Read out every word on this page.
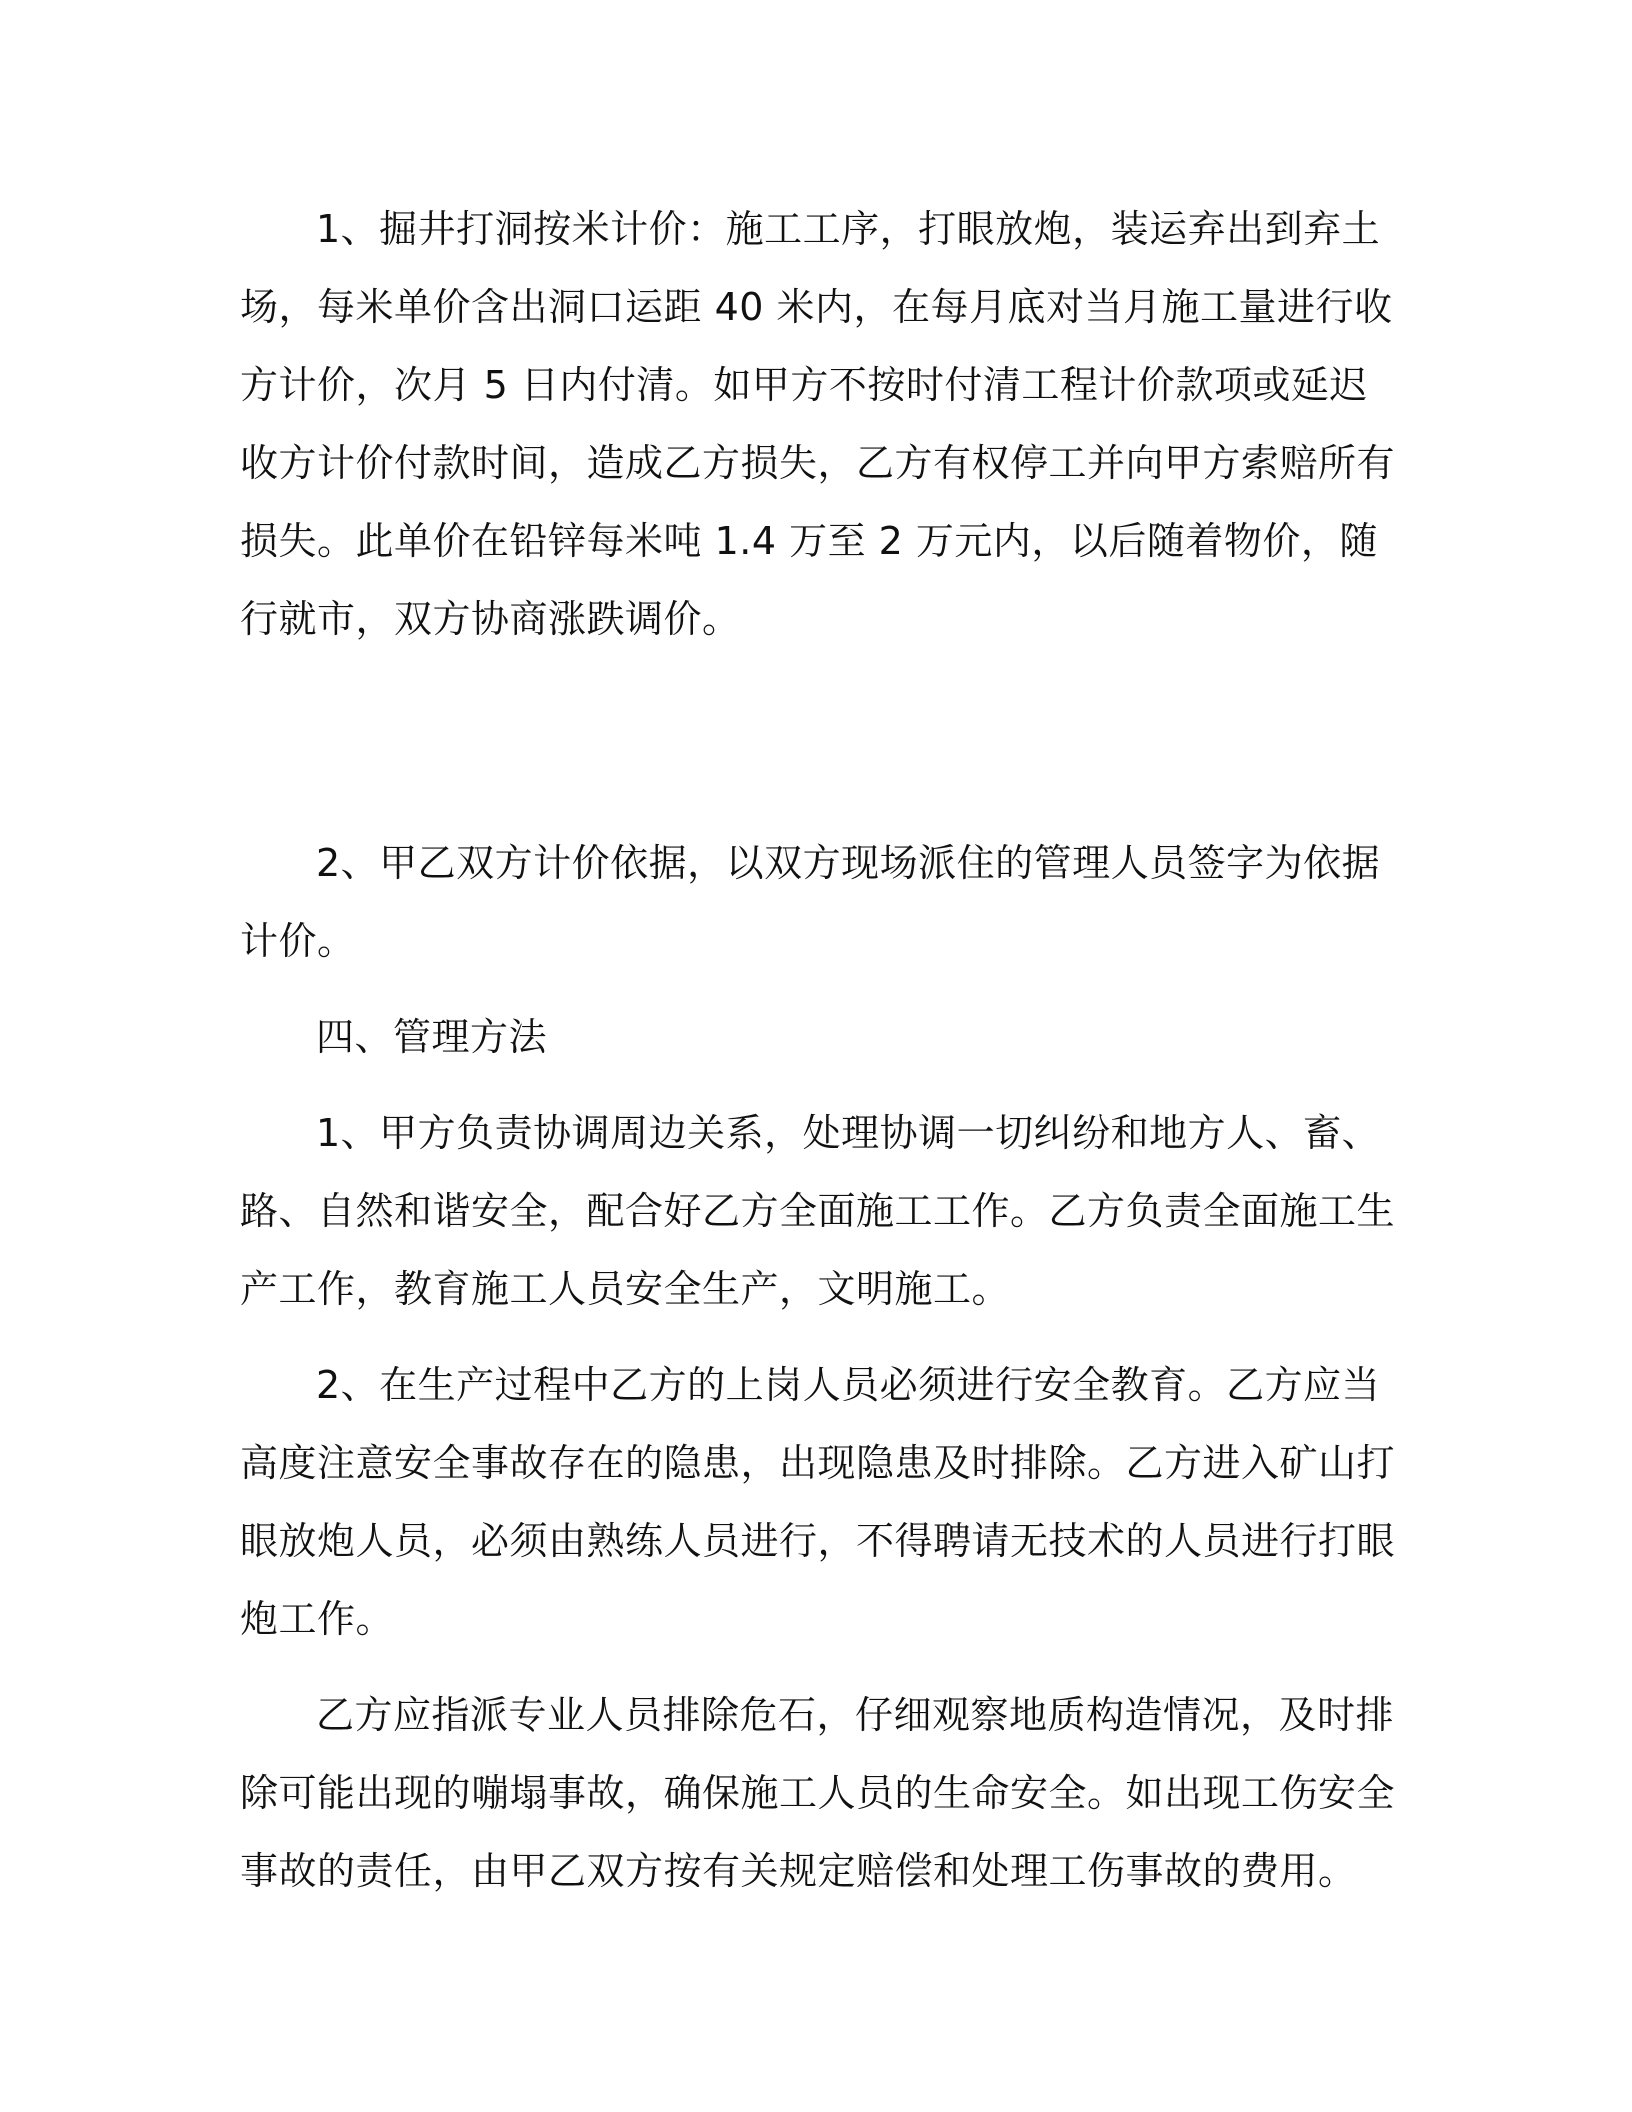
1、掘井打洞按米计价：施工工序，打眼放炮，装运弃出到弃土场，每米单价含出洞口运距 40 米内，在每月底对当月施工量进行收方计价，次月 5 日内付清。如甲方不按时付清工程计价款项或延迟收方计价付款时间，造成乙方损失，乙方有权停工并向甲方索赔所有损失。此单价在铅锌每米吨 1.4 万至 2 万元内，以后随着物价，随行就市，双方协商涨跌调价。

2、甲乙双方计价依据，以双方现场派住的管理人员签字为依据计价。

四、管理方法

1、甲方负责协调周边关系，处理协调一切纠纷和地方人、畜、路、自然和谐安全，配合好乙方全面施工工作。乙方负责全面施工生产工作，教育施工人员安全生产，文明施工。

2、在生产过程中乙方的上岗人员必须进行安全教育。乙方应当高度注意安全事故存在的隐患，出现隐患及时排除。乙方进入矿山打眼放炮人员，必须由熟练人员进行，不得聘请无技术的人员进行打眼炮工作。

乙方应指派专业人员排除危石，仔细观察地质构造情况，及时排除可能出现的嘣塌事故，确保施工人员的生命安全。如出现工伤安全事故的责任，由甲乙双方按有关规定赔偿和处理工伤事故的费用。
